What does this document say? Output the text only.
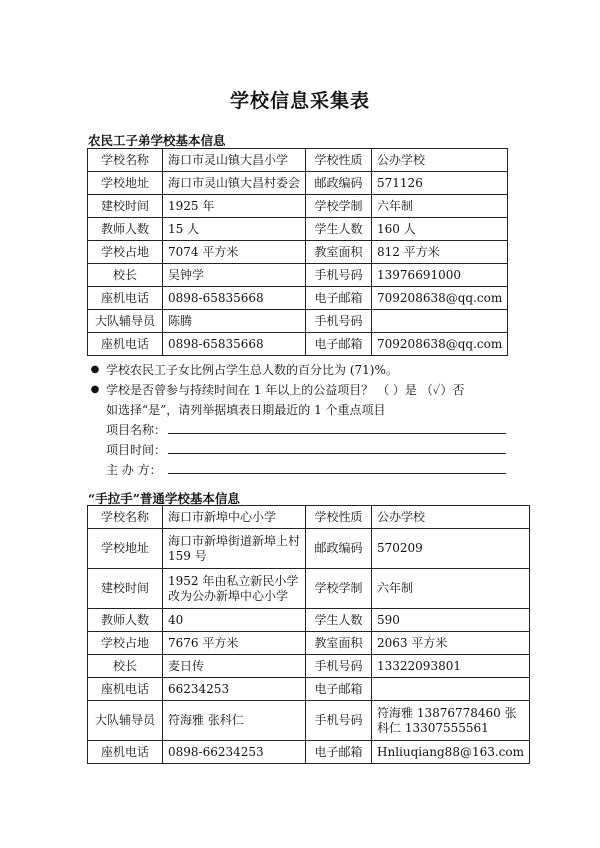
学校信息采集表
农民工子弟学校基本信息
学校名称	海口市灵山镇大昌小学	学校性质	公办学校
学校地址	海口市灵山镇大昌村委会	邮政编码	571126
建校时间	1925 年	学校学制	六年制
教师人数	15 人	学生人数	160 人
学校占地	7074 平方米	教室面积	812 平方米
校长	吴钟学	手机号码	13976691000
座机电话	0898-65835668	电子邮箱	709208638@qq.com
大队辅导员	陈腾	手机号码	
座机电话	0898-65835668	电子邮箱	709208638@qq.com
● 学校农民工子女比例占学生总人数的百分比为 (71)%。
● 学校是否曾参与持续时间在 1 年以上的公益项目？ （ ）是 （✓）否
如选择“是”，请列举据填表日期最近的 1 个重点项目
项目名称：
项目时间：
主 办 方：
“手拉手”普通学校基本信息
学校名称	海口市新埠中心小学	学校性质	公办学校
学校地址	海口市新埠街道新埠上村 159 号	邮政编码	570209
建校时间	1952 年由私立新民小学改为公办新埠中心小学	学校学制	六年制
教师人数	40	学生人数	590
学校占地	7676 平方米	教室面积	2063 平方米
校长	麦日传	手机号码	13322093801
座机电话	66234253	电子邮箱	
大队辅导员	符海雅 张科仁	手机号码	符海雅 13876778460 张科仁 13307555561
座机电话	0898-66234253	电子邮箱	Hnliuqiang88@163.com
